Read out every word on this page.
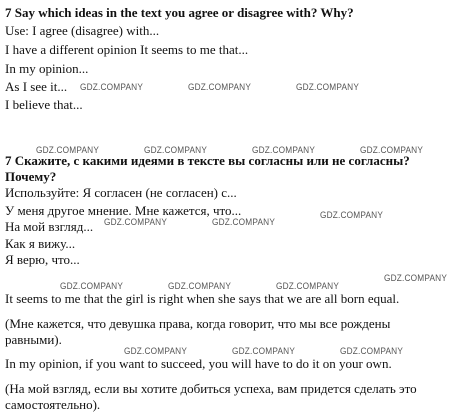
7 Say which ideas in the text you agree or disagree with? Why?
Use: I agree (disagree) with...
I have a different opinion It seems to me that...
In my opinion...
As I see it...
I believe that...
7 Скажите, с какими идеями в тексте вы согласны или не согласны?
Почему?
Используйте: Я согласен (не согласен) с...
У меня другое мнение. Мне кажется, что...
На мой взгляд...
Как я вижу...
Я верю, что...
It seems to me that the girl is right when she says that we are all born equal.
(Мне кажется, что девушка права, когда говорит, что мы все рождены
равными).
In my opinion, if you want to succeed, you will have to do it on your own.
(На мой взгляд, если вы хотите добиться успеха, вам придется сделать это
самостоятельно).
GDZ.COMPANY	GDZ.COMPANY	GDZ.COMPANY
GDZ.COMPANY	GDZ.COMPANY	GDZ.COMPANY	GDZ.COMPANY
GDZ.COMPANY
GDZ.COMPANY	GDZ.COMPANY
GDZ.COMPANY
GDZ.COMPANY	GDZ.COMPANY	GDZ.COMPANY
GDZ.COMPANY	GDZ.COMPANY	GDZ.COMPANY
